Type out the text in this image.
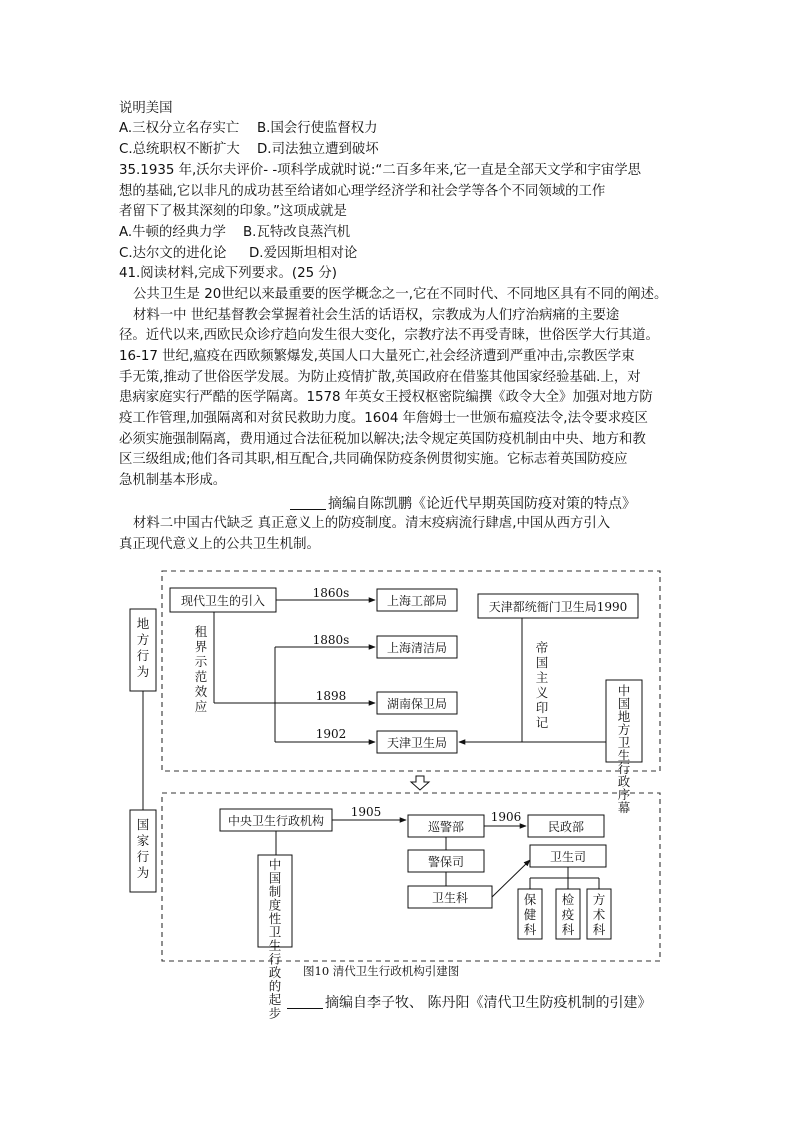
说明美国
A.三权分立名存实亡 B.国会行使监督权力
C.总统职权不断扩大 D.司法独立遭到破坏
35.1935 年,沃尔夫评价- -项科学成就时说:“二百多年来,它一直是全部天文学和宇宙学思
想的基础,它以非凡的成功甚至给诸如心理学经济学和社会学等各个不同领域的工作
者留下了极其深刻的印象。”这项成就是
A.牛顿的经典力学 B.瓦特改良蒸汽机
C.达尔文的进化论 D.爱因斯坦相对论
41.阅读材料,完成下列要求。(25 分)
公共卫生是 20世纪以来最重要的医学概念之一,它在不同时代、不同地区具有不同的阐述。
材料一中 世纪基督教会掌握着社会生活的话语权，宗教成为人们疗治病痛的主要途
径。近代以来,西欧民众诊疗趋向发生很大变化，宗教疗法不再受青睐，世俗医学大行其道。
16-17 世纪,瘟疫在西欧频繁爆发,英国人口大量死亡,社会经济遭到严重冲击,宗教医学束
手无策,推动了世俗医学发展。为防止疫情扩散,英国政府在借鉴其他国家经验基础.上，对
患病家庭实行严酷的医学隔离。1578 年英女王授权枢密院编撰《政令大全》加强对地方防
疫工作管理,加强隔离和对贫民救助力度。1604 年詹姆士一世颁布瘟疫法令,法令要求疫区
必须实施强制隔离，费用通过合法征税加以解决;法令规定英国防疫机制由中央、地方和教
区三级组成;他们各司其职,相互配合,共同确保防疫条例贯彻实施。它标志着英国防疫应
急机制基本形成。
摘编自陈凯鹏《论近代早期英国防疫对策的特点》
材料二中国古代缺乏 真正意义上的防疫制度。清末疫病流行肆虐,中国从西方引入
真正现代意义上的公共卫生机制。
地方行为
国家行为
现代卫生的引入	上海工部局
上海清洁局
湖南保卫局
天津卫生局
天津都统衙门卫生局1990
租界示范效应
帝国主义印记
中国地方卫生行政序幕
1860s
1898
1880s
1902
中央卫生行政机构	巡警部	民政部
警保司
卫生科
卫生司
保健科
检疫科
方术科
中国制度性卫生行政的起步
1905	1906
图10 清代卫生行政机构引建图
摘编自李子牧、 陈丹阳《清代卫生防疫机制的引建》
